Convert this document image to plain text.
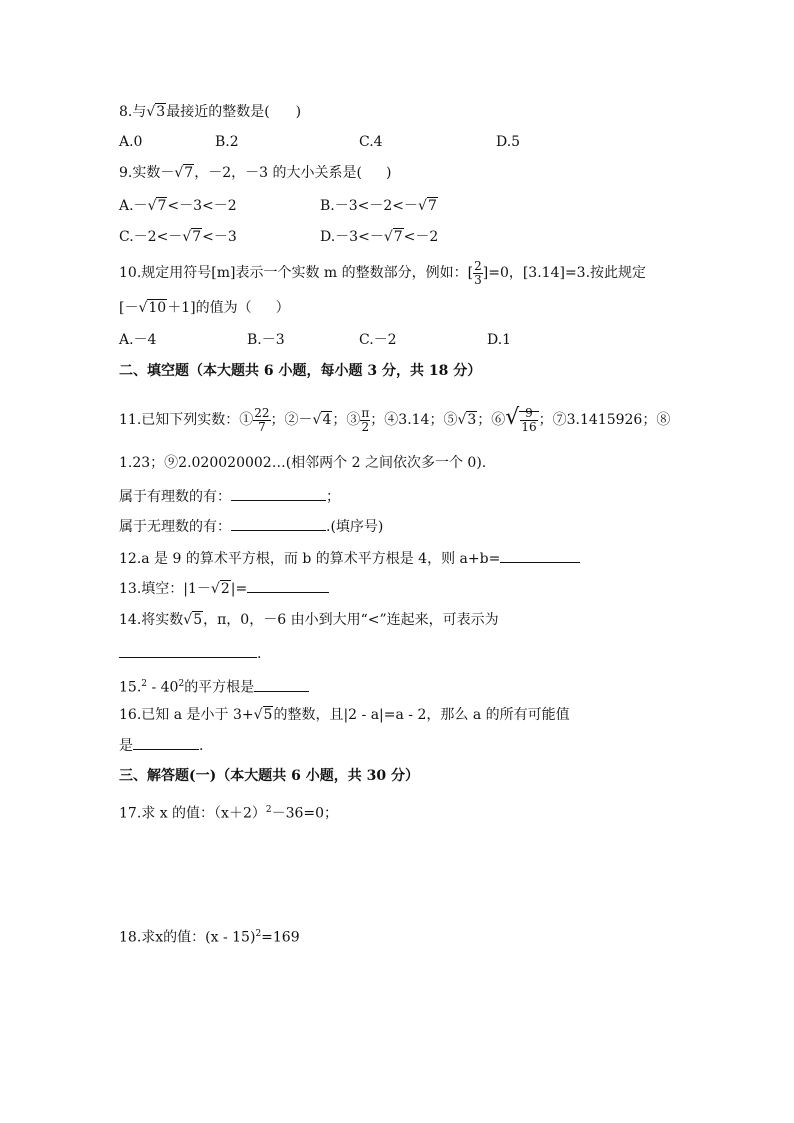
8.与√3最接近的整数是( )
A.0	B.2	C.4	D.5
9.实数－√7，－2，－3 的大小关系是( )
A.－√7<－3<－2	B.－3<－2<－√7
C.－2<－√7<－3	D.－3<－√7<－2
10.规定用符号[m]表示一个实数 m 的整数部分，例如：[ $\frac{2}{3} ]=0$，[3.14]=3.按此规定
[－√10＋1]的值为（ ）
A.－4	B.－3	C.－2	D.1
二、填空题（本大题共 6 小题，每小题 3 分，共 18 分）
11.已知下列实数：① $\frac{22}{7}$ ；②－√4；③ $\frac{\pi}{2}$ ；④3.14；⑤√3；⑥√ $\frac{9}{16}$ ；⑦3.1415926；⑧
1.23；⑨2.020020002…(相邻两个 2 之间依次多一个 0).
属于有理数的有：	；
属于无理数的有：	.(填序号)
12.a 是 9 的算术平方根，而 b 的算术平方根是 4，则 a+b=
13.填空：|1－√2|=
14.将实数√5，π，0，－6 由小到大用“<”连起来，可表示为
.
$15.^2 - 40^2$的平方根是
16.已知 a 是小于 3+√5的整数，且|2 - a|=a - 2，那么 a 的所有可能值
是	.
三、解答题(一)（本大题共 6 小题，共 30 分）
17.求 x 的值：$(x+2)^2-36=0$；
18.求x的值：(x - 15)$^2$=169
